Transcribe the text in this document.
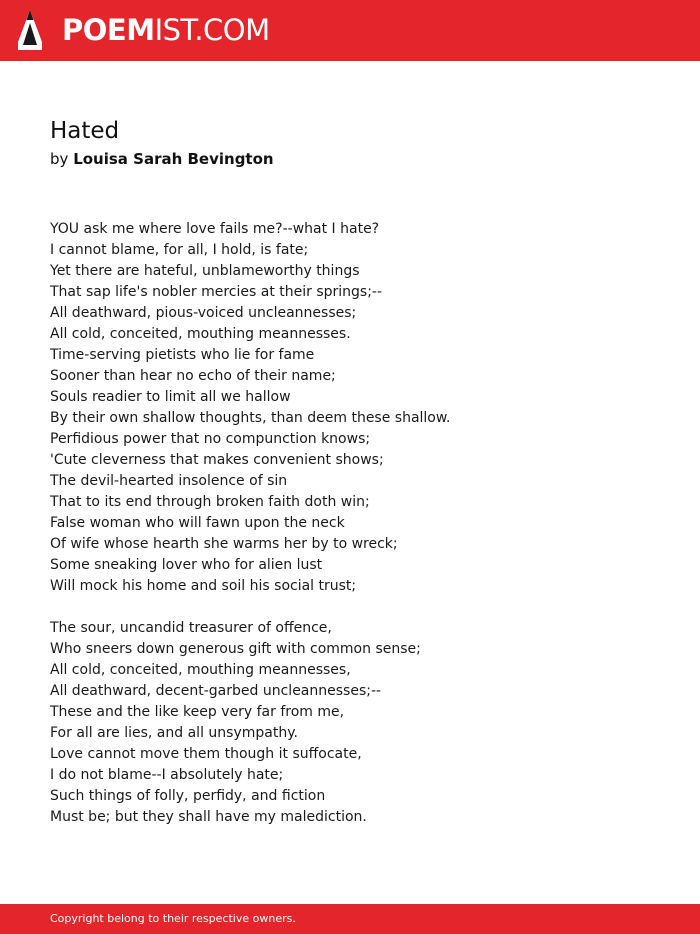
POEMIST.COM
Hated
by Louisa Sarah Bevington
YOU ask me where love fails me?--what I hate?
I cannot blame, for all, I hold, is fate;
Yet there are hateful, unblameworthy things
That sap life's nobler mercies at their springs;--
All deathward, pious-voiced uncleannesses;
All cold, conceited, mouthing meannesses.
Time-serving pietists who lie for fame
Sooner than hear no echo of their name;
Souls readier to limit all we hallow
By their own shallow thoughts, than deem these shallow.
Perfidious power that no compunction knows;
'Cute cleverness that makes convenient shows;
The devil-hearted insolence of sin
That to its end through broken faith doth win;
False woman who will fawn upon the neck
Of wife whose hearth she warms her by to wreck;
Some sneaking lover who for alien lust
Will mock his home and soil his social trust;
The sour, uncandid treasurer of offence,
Who sneers down generous gift with common sense;
All cold, conceited, mouthing meannesses,
All deathward, decent-garbed uncleannesses;--
These and the like keep very far from me,
For all are lies, and all unsympathy.
Love cannot move them though it suffocate,
I do not blame--I absolutely hate;
Such things of folly, perfidy, and fiction
Must be; but they shall have my malediction.
Copyright belong to their respective owners.
